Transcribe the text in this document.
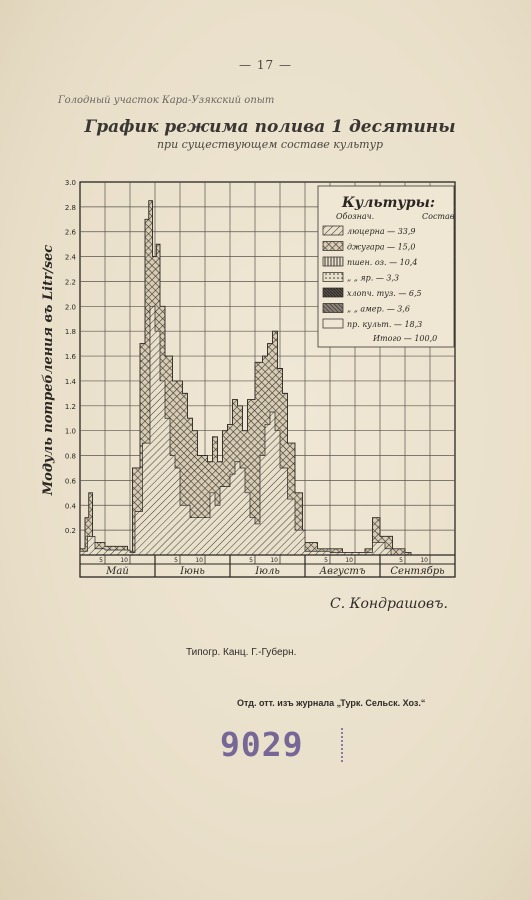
— 17 —
Голодный участок Кара-Узякский опыт
График режима полива 1 десятины
при существующем составе культур
0.2
0.4
0.6
0.8
1.0
1.2
1.4
1.6
1.8
2.0
2.2
2.4
2.6
2.8
3.0
5	10
Май
5	10
Іюнь
5	10
Іюль
5	10
Августъ
5	10
Сентябрь
Модуль потребления въ Litr/sec
Культуры:
Обознач.	Состав
люцерна — 33,9
джугара — 15,0
пшен. оз. — 10,4
„ „ яр. — 3,3
хлопч. туз. — 6,5
„ „ амер. — 3,6
пр. культ. — 18,3
Итого — 100,0
С. Кондрашовъ.
Типогр. Канц. Г.-Губерн.
Отд. отт. изъ журнала „Турк. Сельск. Хоз.“
9029
